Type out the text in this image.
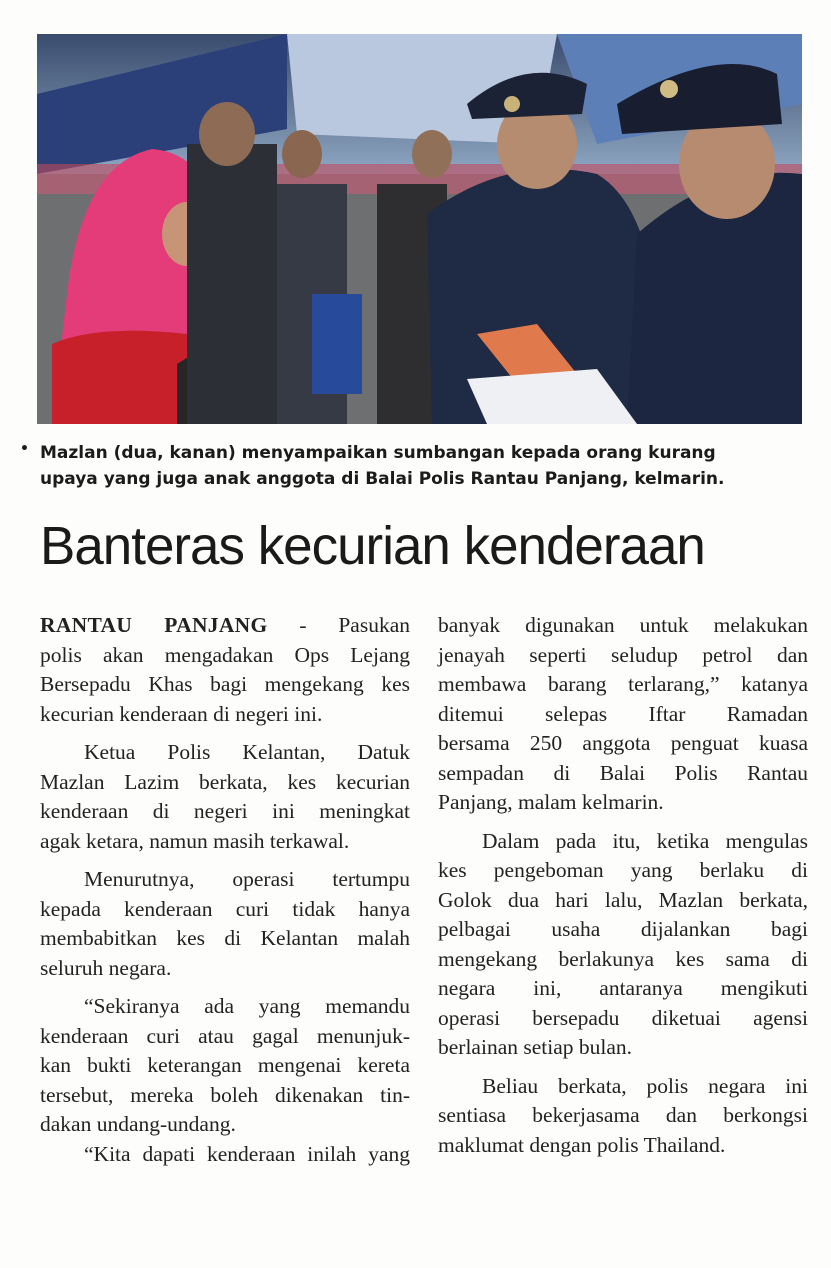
• Mazlan (dua, kanan) menyampaikan sumbangan kepada orang kurang
upaya yang juga anak anggota di Balai Polis Rantau Panjang, kelmarin.
Banteras kecurian kenderaan
RANTAU PANJANG - Pasukan
polis akan mengadakan Ops Lejang
Bersepadu Khas bagi mengekang kes
kecurian kenderaan di negeri ini.
Ketua Polis Kelantan, Datuk
Mazlan Lazim berkata, kes kecurian
kenderaan di negeri ini meningkat
agak ketara, namun masih terkawal.
Menurutnya, operasi tertumpu
kepada kenderaan curi tidak hanya
membabitkan kes di Kelantan malah
seluruh negara.
“Sekiranya ada yang memandu
kenderaan curi atau gagal menunjuk-
kan bukti keterangan mengenai kereta
tersebut, mereka boleh dikenakan tin-
dakan undang-undang.
“Kita dapati kenderaan inilah yang
banyak digunakan untuk melakukan
jenayah seperti seludup petrol dan
membawa barang terlarang,” katanya
ditemui selepas Iftar Ramadan
bersama 250 anggota penguat kuasa
sempadan di Balai Polis Rantau
Panjang, malam kelmarin.
Dalam pada itu, ketika mengulas
kes pengeboman yang berlaku di
Golok dua hari lalu, Mazlan berkata,
pelbagai usaha dijalankan bagi
mengekang berlakunya kes sama di
negara ini, antaranya mengikuti
operasi bersepadu diketuai agensi
berlainan setiap bulan.
Beliau berkata, polis negara ini
sentiasa bekerjasama dan berkongsi
maklumat dengan polis Thailand.
